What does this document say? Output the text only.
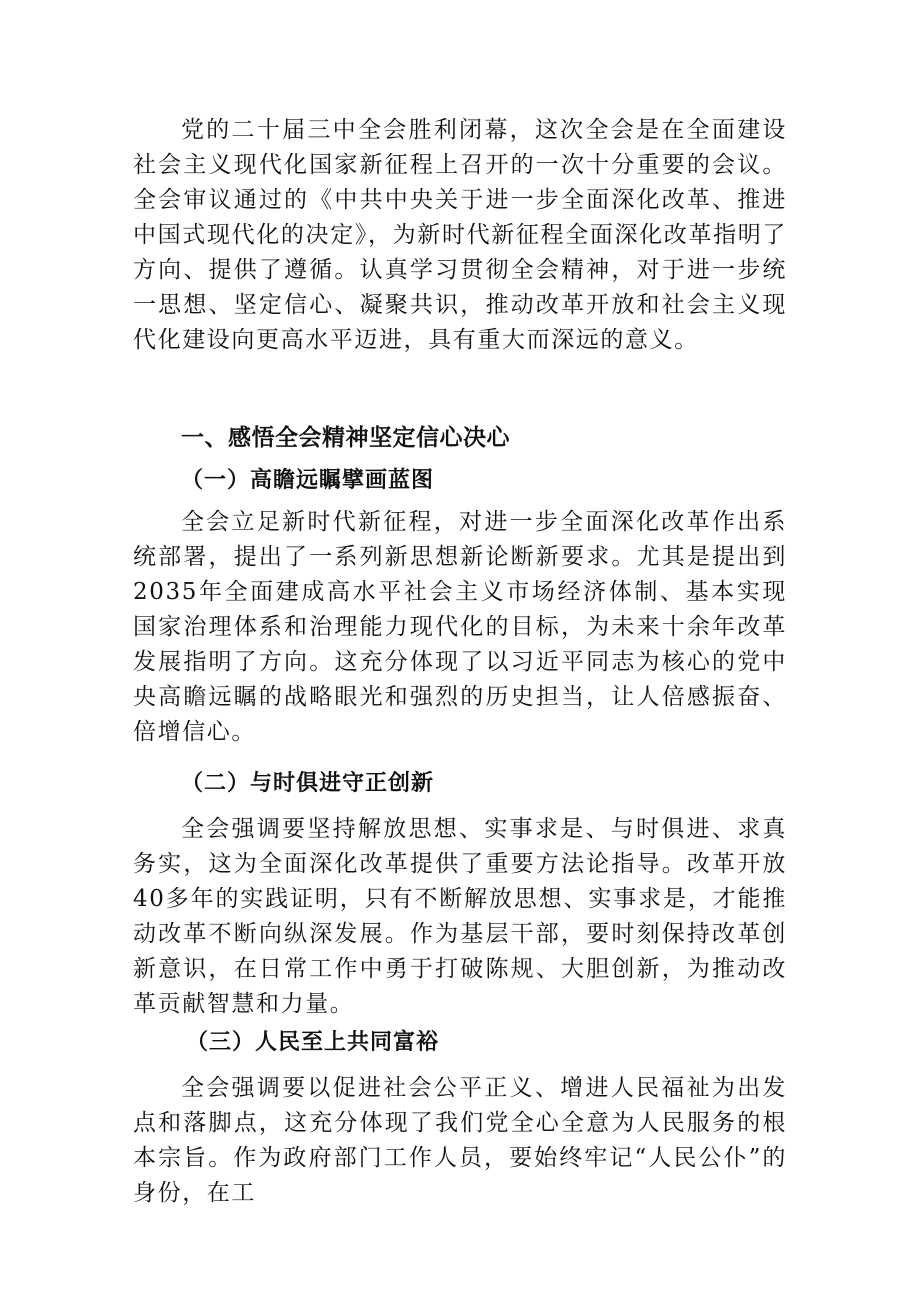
党的二十届三中全会胜利闭幕，这次全会是在全面建设社会主义现代化国家新征程上召开的一次十分重要的会议。全会审议通过的《中共中央关于进一步全面深化改革、推进中国式现代化的决定》，为新时代新征程全面深化改革指明了方向、提供了遵循。认真学习贯彻全会精神，对于进一步统一思想、坚定信心、凝聚共识，推动改革开放和社会主义现代化建设向更高水平迈进，具有重大而深远的意义。

一、感悟全会精神坚定信心决心
（一）高瞻远瞩擘画蓝图

全会立足新时代新征程，对进一步全面深化改革作出系统部署，提出了一系列新思想新论断新要求。尤其是提出到2035年全面建成高水平社会主义市场经济体制、基本实现国家治理体系和治理能力现代化的目标，为未来十余年改革发展指明了方向。这充分体现了以习近平同志为核心的党中央高瞻远瞩的战略眼光和强烈的历史担当，让人倍感振奋、倍增信心。

（二）与时俱进守正创新

全会强调要坚持解放思想、实事求是、与时俱进、求真务实，这为全面深化改革提供了重要方法论指导。改革开放40多年的实践证明，只有不断解放思想、实事求是，才能推动改革不断向纵深发展。作为基层干部，要时刻保持改革创新意识，在日常工作中勇于打破陈规、大胆创新，为推动改革贡献智慧和力量。

（三）人民至上共同富裕

全会强调要以促进社会公平正义、增进人民福祉为出发点和落脚点，这充分体现了我们党全心全意为人民服务的根本宗旨。作为政府部门工作人员，要始终牢记“人民公仆”的身份，在工
